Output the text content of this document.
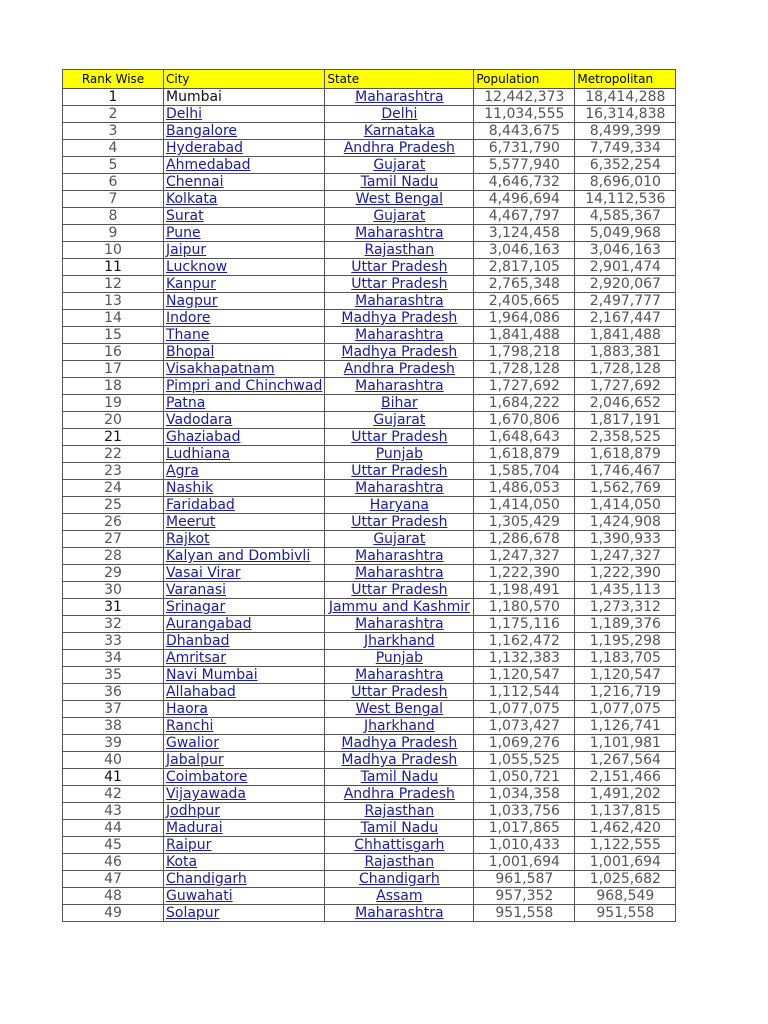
Rank Wise	City	State	Population	Metropolitan
1	Mumbai	Maharashtra	12,442,373	18,414,288
2	Delhi	Delhi	11,034,555	16,314,838
3	Bangalore	Karnataka	8,443,675	8,499,399
4	Hyderabad	Andhra Pradesh	6,731,790	7,749,334
5	Ahmedabad	Gujarat	5,577,940	6,352,254
6	Chennai	Tamil Nadu	4,646,732	8,696,010
7	Kolkata	West Bengal	4,496,694	14,112,536
8	Surat	Gujarat	4,467,797	4,585,367
9	Pune	Maharashtra	3,124,458	5,049,968
10	Jaipur	Rajasthan	3,046,163	3,046,163
11	Lucknow	Uttar Pradesh	2,817,105	2,901,474
12	Kanpur	Uttar Pradesh	2,765,348	2,920,067
13	Nagpur	Maharashtra	2,405,665	2,497,777
14	Indore	Madhya Pradesh	1,964,086	2,167,447
15	Thane	Maharashtra	1,841,488	1,841,488
16	Bhopal	Madhya Pradesh	1,798,218	1,883,381
17	Visakhapatnam	Andhra Pradesh	1,728,128	1,728,128
18	Pimpri and Chinchwad	Maharashtra	1,727,692	1,727,692
19	Patna	Bihar	1,684,222	2,046,652
20	Vadodara	Gujarat	1,670,806	1,817,191
21	Ghaziabad	Uttar Pradesh	1,648,643	2,358,525
22	Ludhiana	Punjab	1,618,879	1,618,879
23	Agra	Uttar Pradesh	1,585,704	1,746,467
24	Nashik	Maharashtra	1,486,053	1,562,769
25	Faridabad	Haryana	1,414,050	1,414,050
26	Meerut	Uttar Pradesh	1,305,429	1,424,908
27	Rajkot	Gujarat	1,286,678	1,390,933
28	Kalyan and Dombivli	Maharashtra	1,247,327	1,247,327
29	Vasai Virar	Maharashtra	1,222,390	1,222,390
30	Varanasi	Uttar Pradesh	1,198,491	1,435,113
31	Srinagar	Jammu and Kashmir	1,180,570	1,273,312
32	Aurangabad	Maharashtra	1,175,116	1,189,376
33	Dhanbad	Jharkhand	1,162,472	1,195,298
34	Amritsar	Punjab	1,132,383	1,183,705
35	Navi Mumbai	Maharashtra	1,120,547	1,120,547
36	Allahabad	Uttar Pradesh	1,112,544	1,216,719
37	Haora	West Bengal	1,077,075	1,077,075
38	Ranchi	Jharkhand	1,073,427	1,126,741
39	Gwalior	Madhya Pradesh	1,069,276	1,101,981
40	Jabalpur	Madhya Pradesh	1,055,525	1,267,564
41	Coimbatore	Tamil Nadu	1,050,721	2,151,466
42	Vijayawada	Andhra Pradesh	1,034,358	1,491,202
43	Jodhpur	Rajasthan	1,033,756	1,137,815
44	Madurai	Tamil Nadu	1,017,865	1,462,420
45	Raipur	Chhattisgarh	1,010,433	1,122,555
46	Kota	Rajasthan	1,001,694	1,001,694
47	Chandigarh	Chandigarh	961,587	1,025,682
48	Guwahati	Assam	957,352	968,549
49	Solapur	Maharashtra	951,558	951,558
